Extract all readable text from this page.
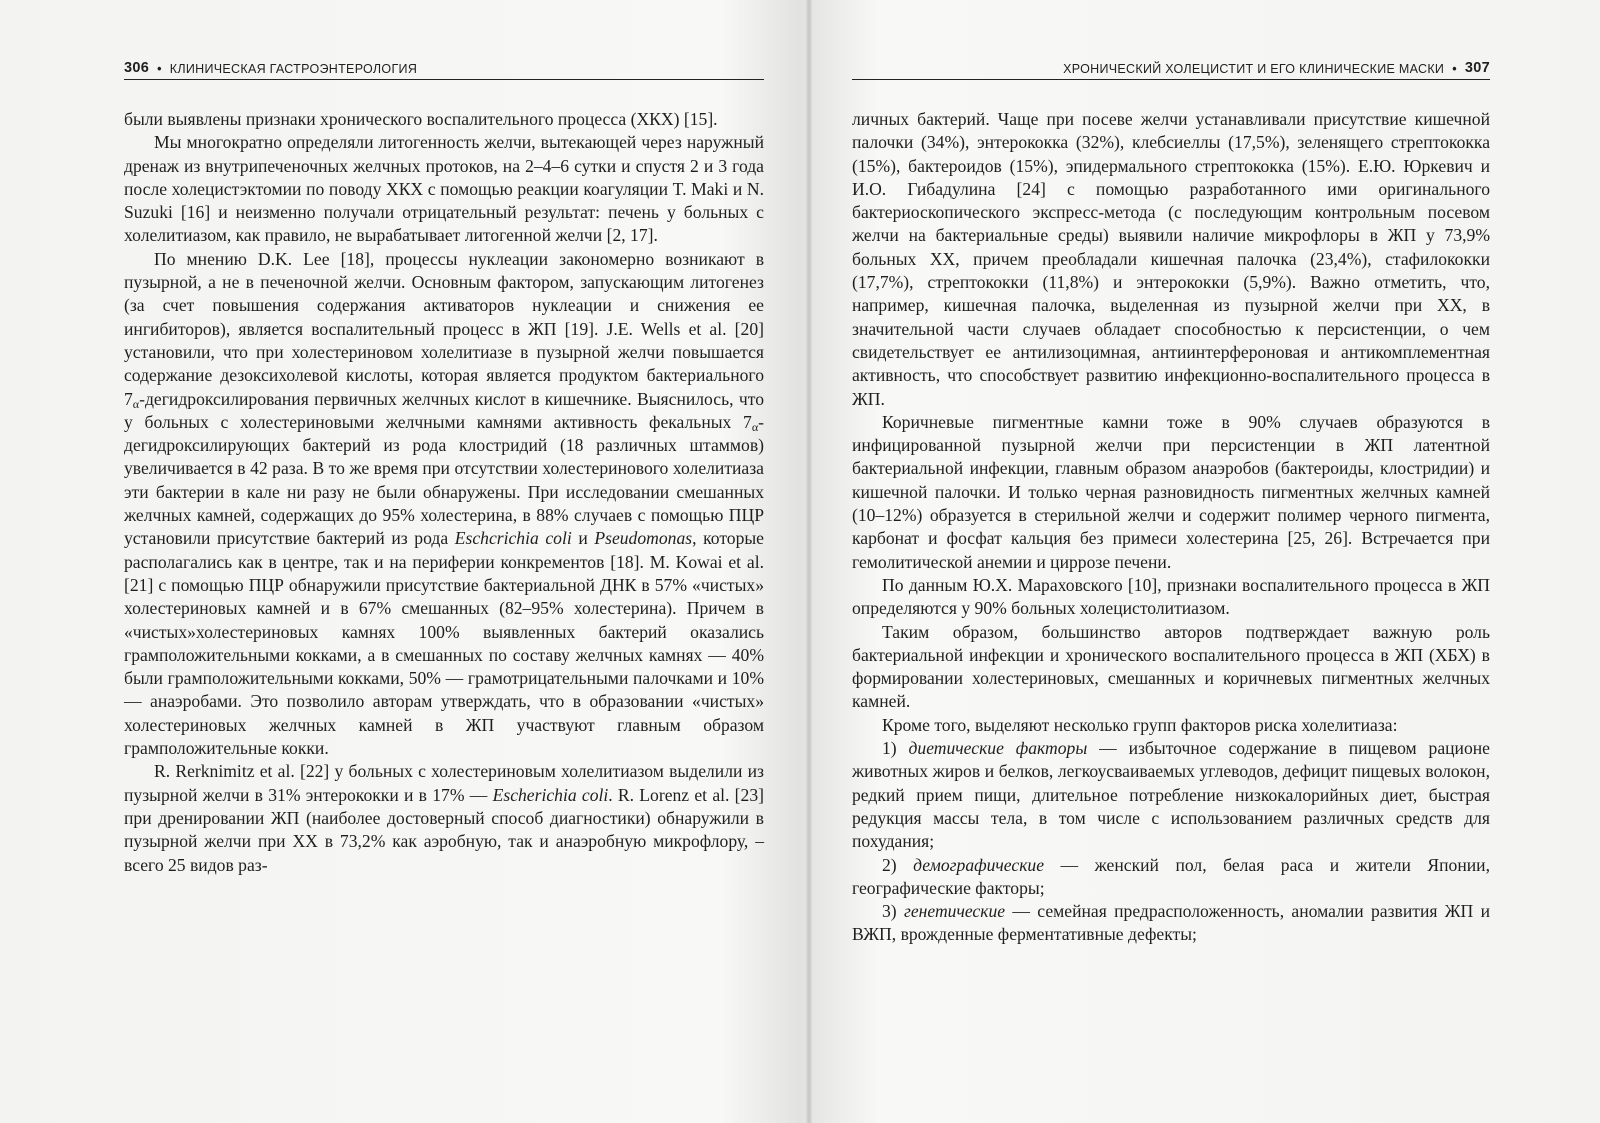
306 • КЛИНИЧЕСКАЯ ГАСТРОЭНТЕРОЛОГИЯ

были выявлены признаки хронического воспалительного процесса (ХКХ) [15].

Мы многократно определяли литогенность желчи, вытекающей через наружный дренаж из внутрипеченочных желчных протоков, на 2–4–6 сутки и спустя 2 и 3 года после холецистэктомии по поводу ХКХ с помощью реакции коагуляции T. Maki и N. Suzuki [16] и неизменно получали отрицательный результат: печень у больных с холелитиазом, как правило, не вырабатывает литогенной желчи [2, 17].

По мнению D.K. Lee [18], процессы нуклеации закономерно возникают в пузырной, а не в печеночной желчи. Основным фактором, запускающим литогенез (за счет повышения содержания активаторов нуклеации и снижения ее ингибиторов), является воспалительный процесс в ЖП [19]. J.E. Wells et al. [20] установили, что при холестериновом холелитиазе в пузырной желчи повышается содержание дезоксихолевой кислоты, которая является продуктом бактериального $7_\alpha$-дегидроксилирования первичных желчных кислот в кишечнике. Выяснилось, что у больных с холестериновыми желчными камнями активность фекальных $7_\alpha$-дегидроксилирующих бактерий из рода клостридий (18 различных штаммов) увеличивается в 42 раза. В то же время при отсутствии холестеринового холелитиаза эти бактерии в кале ни разу не были обнаружены. При исследовании смешанных желчных камней, содержащих до 95% холестерина, в 88% случаев с помощью ПЦР установили присутствие бактерий из рода Eschcrichia coli и Pseudomonas, которые располагались как в центре, так и на периферии конкрементов [18]. M. Kowai et al. [21] с помощью ПЦР обнаружили присутствие бактериальной ДНК в 57% «чистых» холестериновых камней и в 67% смешанных (82–95% холестерина). Причем в «чистых»холестериновых камнях 100% выявленных бактерий оказались грамположительными кокками, а в смешанных по составу желчных камнях — 40% были грамположительными кокками, 50% — грамотрицательными палочками и 10% — анаэробами. Это позволило авторам утверждать, что в образовании «чистых» холестериновых желчных камней в ЖП участвуют главным образом грамположительные кокки.

R. Rerknimitz et al. [22] у больных с холестериновым холелитиазом выделили из пузырной желчи в 31% энтерококки и в 17% — Escherichia coli. R. Lorenz et al. [23] при дренировании ЖП (наиболее достоверный способ диагностики) обнаружили в пузырной желчи при ХХ в 73,2% как аэробную, так и анаэробную микрофлору, – всего 25 видов раз-

ХРОНИЧЕСКИЙ ХОЛЕЦИСТИТ И ЕГО КЛИНИЧЕСКИЕ МАСКИ • 307

личных бактерий. Чаще при посеве желчи устанавливали присутствие кишечной палочки (34%), энтерококка (32%), клебсиеллы (17,5%), зеленящего стрептококка (15%), бактероидов (15%), эпидермального стрептококка (15%). Е.Ю. Юркевич и И.О. Гибадулина [24] с помощью разработанного ими оригинального бактериоскопического экспресс-метода (с последующим контрольным посевом желчи на бактериальные среды) выявили наличие микрофлоры в ЖП у 73,9% больных ХХ, причем преобладали кишечная палочка (23,4%), стафилококки (17,7%), стрептококки (11,8%) и энтерококки (5,9%). Важно отметить, что, например, кишечная палочка, выделенная из пузырной желчи при ХХ, в значительной части случаев обладает способностью к персистенции, о чем свидетельствует ее антилизоцимная, антиинтерфероновая и антикомплементная активность, что способствует развитию инфекционно-воспалительного процесса в ЖП.

Коричневые пигментные камни тоже в 90% случаев образуются в инфицированной пузырной желчи при персистенции в ЖП латентной бактериальной инфекции, главным образом анаэробов (бактероиды, клостридии) и кишечной палочки. И только черная разновидность пигментных желчных камней (10–12%) образуется в стерильной желчи и содержит полимер черного пигмента, карбонат и фосфат кальция без примеси холестерина [25, 26]. Встречается при гемолитической анемии и циррозе печени.

По данным Ю.Х. Мараховского [10], признаки воспалительного процесса в ЖП определяются у 90% больных холецистолитиазом.

Таким образом, большинство авторов подтверждает важную роль бактериальной инфекции и хронического воспалительного процесса в ЖП (ХБХ) в формировании холестериновых, смешанных и коричневых пигментных желчных камней.

Кроме того, выделяют несколько групп факторов риска холелитиаза:

1) диетические факторы — избыточное содержание в пищевом рационе животных жиров и белков, легкоусваиваемых углеводов, дефицит пищевых волокон, редкий прием пищи, длительное потребление низкокалорийных диет, быстрая редукция массы тела, в том числе с использованием различных средств для похудания;

2) демографические — женский пол, белая раса и жители Японии, географические факторы;

3) генетические — семейная предрасположенность, аномалии развития ЖП и ВЖП, врожденные ферментативные дефекты;
